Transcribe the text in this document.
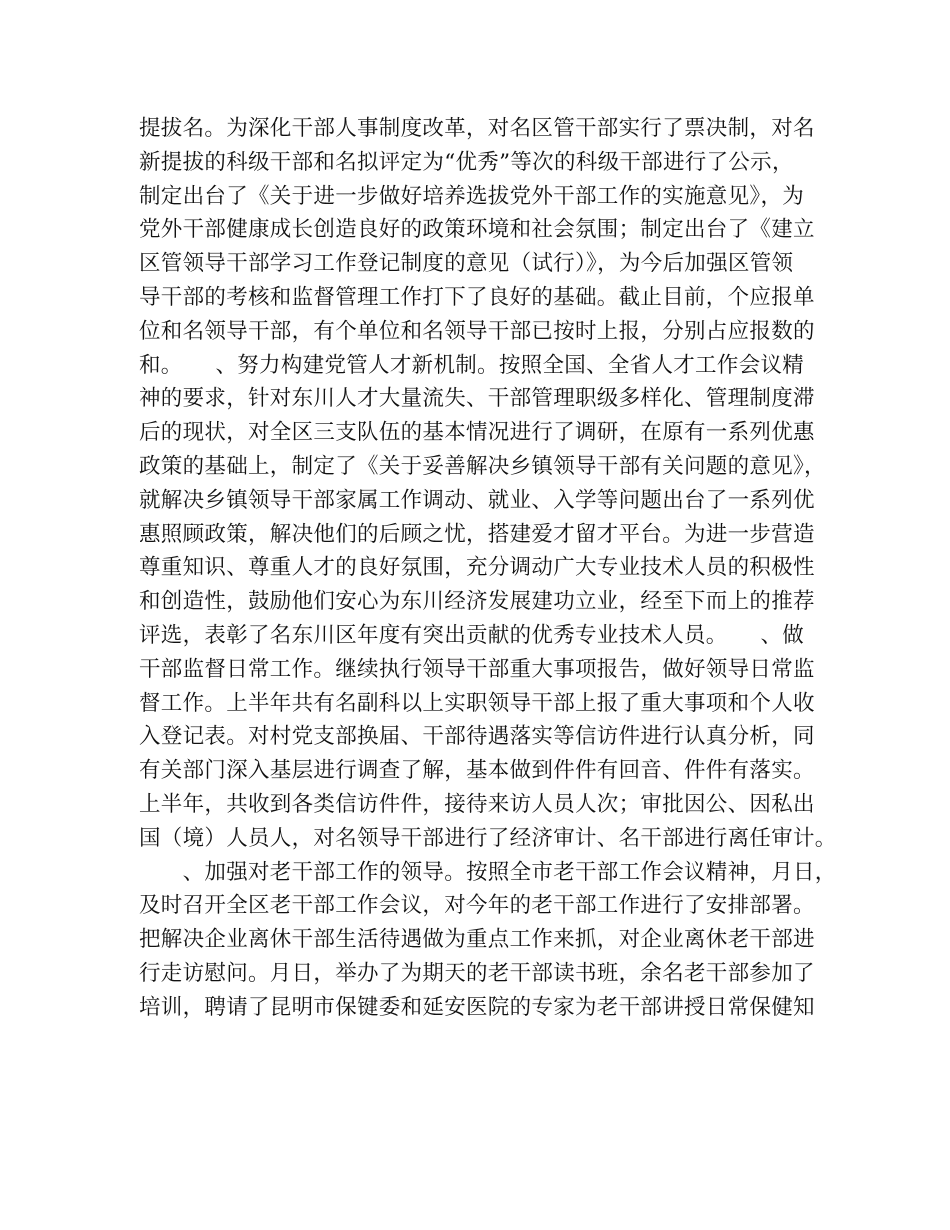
提拔名。为深化干部人事制度改革，对名区管干部实行了票决制，对名
新提拔的科级干部和名拟评定为“优秀”等次的科级干部进行了公示，
制定出台了《关于进一步做好培养选拔党外干部工作的实施意见》，为
党外干部健康成长创造良好的政策环境和社会氛围；制定出台了《建立
区管领导干部学习工作登记制度的意见（试行）》，为今后加强区管领
导干部的考核和监督管理工作打下了良好的基础。截止目前，个应报单
位和名领导干部，有个单位和名领导干部已按时上报，分别占应报数的
和。　　、努力构建党管人才新机制。按照全国、全省人才工作会议精
神的要求，针对东川人才大量流失、干部管理职级多样化、管理制度滞
后的现状，对全区三支队伍的基本情况进行了调研，在原有一系列优惠
政策的基础上，制定了《关于妥善解决乡镇领导干部有关问题的意见》，
就解决乡镇领导干部家属工作调动、就业、入学等问题出台了一系列优
惠照顾政策，解决他们的后顾之忧，搭建爱才留才平台。为进一步营造
尊重知识、尊重人才的良好氛围，充分调动广大专业技术人员的积极性
和创造性，鼓励他们安心为东川经济发展建功立业，经至下而上的推荐
评选，表彰了名东川区年度有突出贡献的优秀专业技术人员。　　、做
干部监督日常工作。继续执行领导干部重大事项报告，做好领导日常监
督工作。上半年共有名副科以上实职领导干部上报了重大事项和个人收
入登记表。对村党支部换届、干部待遇落实等信访件进行认真分析，同
有关部门深入基层进行调查了解，基本做到件件有回音、件件有落实。
上半年，共收到各类信访件件，接待来访人员人次；审批因公、因私出
国（境）人员人，对名领导干部进行了经济审计、名干部进行离任审计。
　　、加强对老干部工作的领导。按照全市老干部工作会议精神，月日，
及时召开全区老干部工作会议，对今年的老干部工作进行了安排部署。
把解决企业离休干部生活待遇做为重点工作来抓，对企业离休老干部进
行走访慰问。月日，举办了为期天的老干部读书班，余名老干部参加了
培训，聘请了昆明市保键委和延安医院的专家为老干部讲授日常保健知
